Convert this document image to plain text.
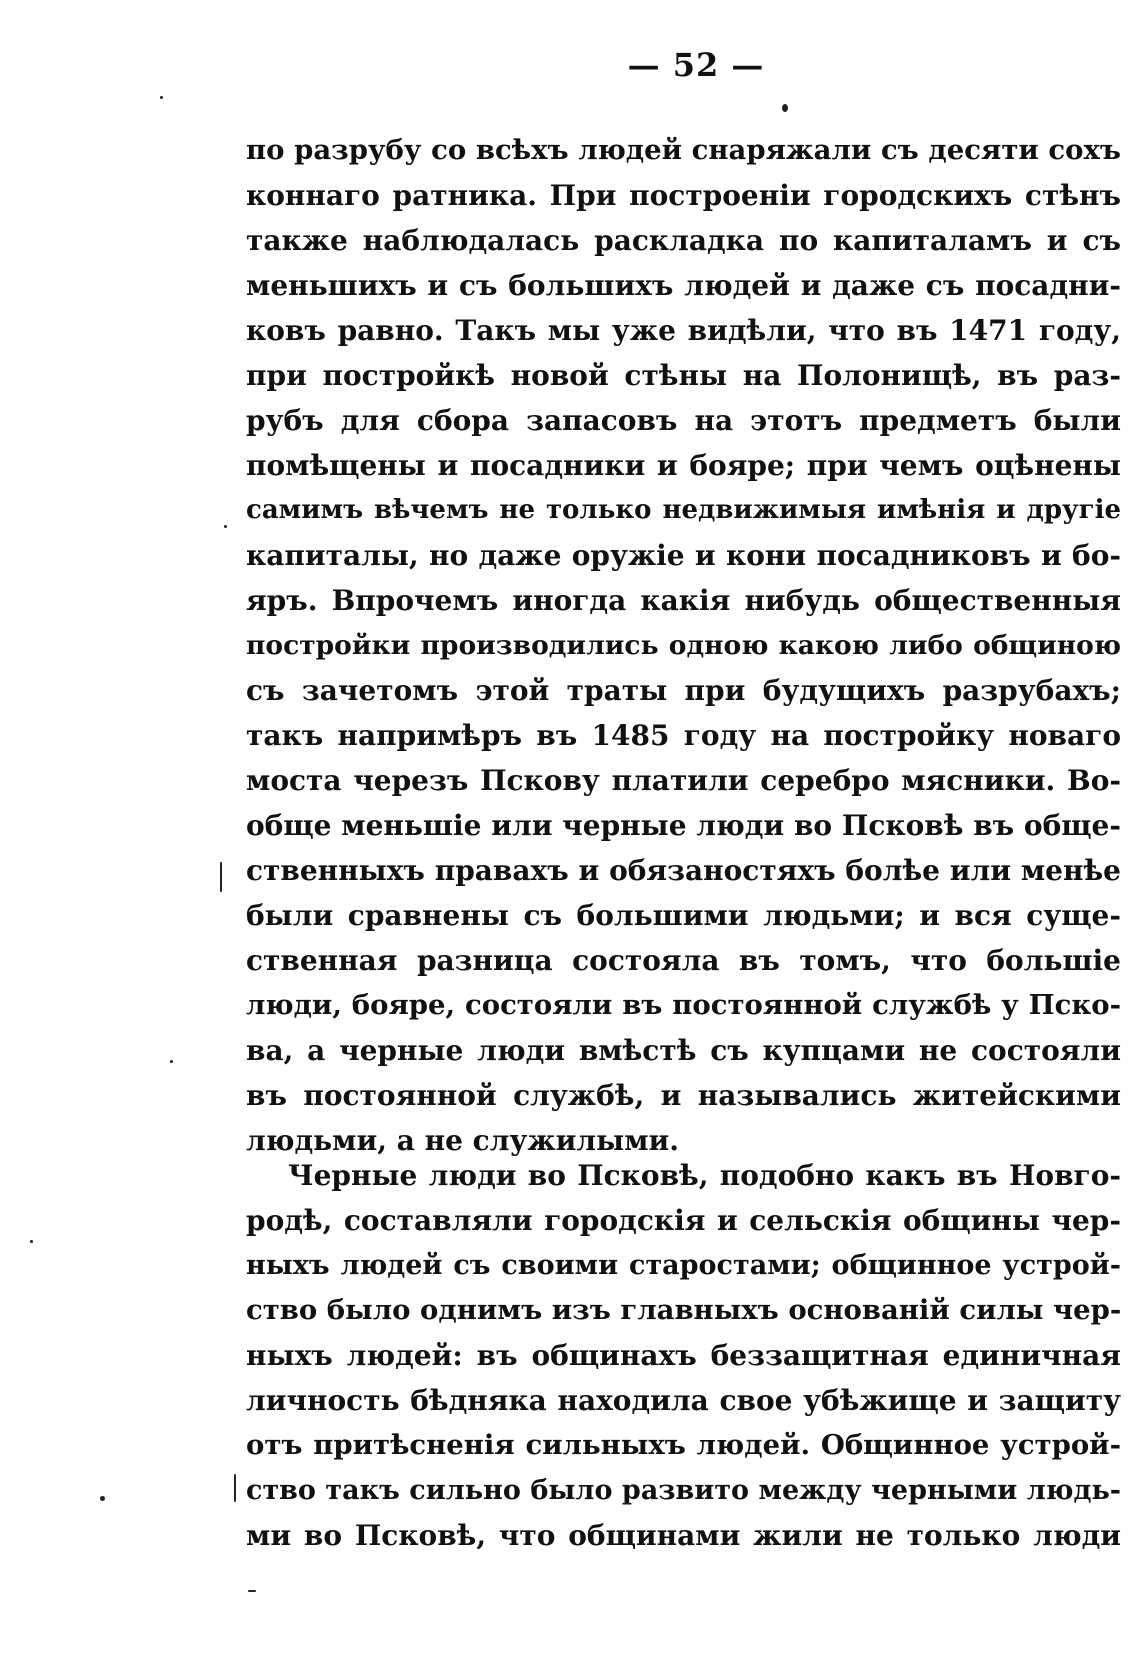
— 52 —
по разрубу со всѣхъ людей снаряжали съ десяти сохъ
коннаго ратника. При построеніи городскихъ стѣнъ
также наблюдалась раскладка по капиталамъ и съ
меньшихъ и съ большихъ людей и даже съ посадни-
ковъ равно. Такъ мы уже видѣли, что въ 1471 году,
при постройкѣ новой стѣны на Полонищѣ, въ раз-
рубъ для сбора запасовъ на этотъ предметъ были
помѣщены и посадники и бояре; при чемъ оцѣнены
самимъ вѣчемъ не только недвижимыя имѣнія и другіе
капиталы, но даже оружіе и кони посадниковъ и бо-
яръ. Впрочемъ иногда какія нибудь общественныя
постройки производились одною какою либо общиною
съ зачетомъ этой траты при будущихъ разрубахъ;
такъ напримѣръ въ 1485 году на постройку новаго
моста черезъ Пскову платили серебро мясники. Во-
обще меньшіе или черные люди во Псковѣ въ обще-
ственныхъ правахъ и обязаностяхъ болѣе или менѣе
были сравнены съ большими людьми; и вся суще-
ственная разница состояла въ томъ, что большіе
люди, бояре, состояли въ постоянной службѣ у Пско-
ва, а черные люди вмѣстѣ съ купцами не состояли
въ постоянной службѣ, и назывались житейскими
людьми, а не служилыми.
Черные люди во Псковѣ, подобно какъ въ Новго-
родѣ, составляли городскія и сельскія общины чер-
ныхъ людей съ своими старостами; общинное устрой-
ство было однимъ изъ главныхъ основаній силы чер-
ныхъ людей: въ общинахъ беззащитная единичная
личность бѣдняка находила свое убѣжище и защиту
отъ притѣсненія сильныхъ людей. Общинное устрой-
ство такъ сильно было развито между черными людь-
ми во Псковѣ, что общинами жили не только люди
